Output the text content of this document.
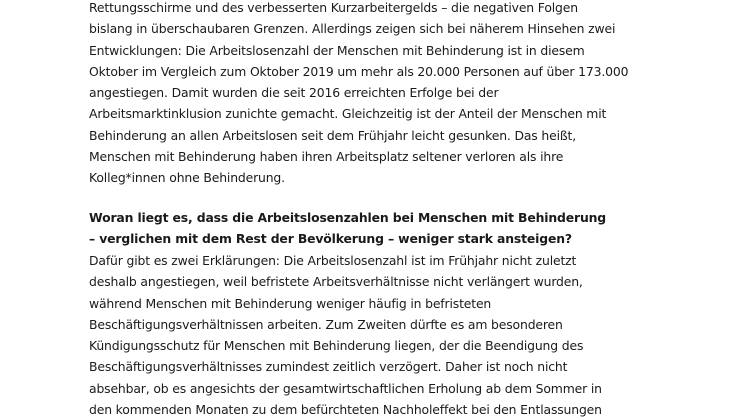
Rettungsschirme und des verbesserten Kurzarbeitergelds – die negativen Folgen
bislang in überschaubaren Grenzen. Allerdings zeigen sich bei näherem Hinsehen zwei
Entwicklungen: Die Arbeitslosenzahl der Menschen mit Behinderung ist in diesem
Oktober im Vergleich zum Oktober 2019 um mehr als 20.000 Personen auf über 173.000
angestiegen. Damit wurden die seit 2016 erreichten Erfolge bei der
Arbeitsmarktinklusion zunichte gemacht. Gleichzeitig ist der Anteil der Menschen mit
Behinderung an allen Arbeitslosen seit dem Frühjahr leicht gesunken. Das heißt,
Menschen mit Behinderung haben ihren Arbeitsplatz seltener verloren als ihre
Kolleg*innen ohne Behinderung.
Woran liegt es, dass die Arbeitslosenzahlen bei Menschen mit Behinderung
– verglichen mit dem Rest der Bevölkerung – weniger stark ansteigen?
Dafür gibt es zwei Erklärungen: Die Arbeitslosenzahl ist im Frühjahr nicht zuletzt
deshalb angestiegen, weil befristete Arbeitsverhältnisse nicht verlängert wurden,
während Menschen mit Behinderung weniger häufig in befristeten
Beschäftigungsverhältnissen arbeiten. Zum Zweiten dürfte es am besonderen
Kündigungsschutz für Menschen mit Behinderung liegen, der die Beendigung des
Beschäftigungsverhältnisses zumindest zeitlich verzögert. Daher ist noch nicht
absehbar, ob es angesichts der gesamtwirtschaftlichen Erholung ab dem Sommer in
den kommenden Monaten zu dem befürchteten Nachholeffekt bei den Entlassungen
